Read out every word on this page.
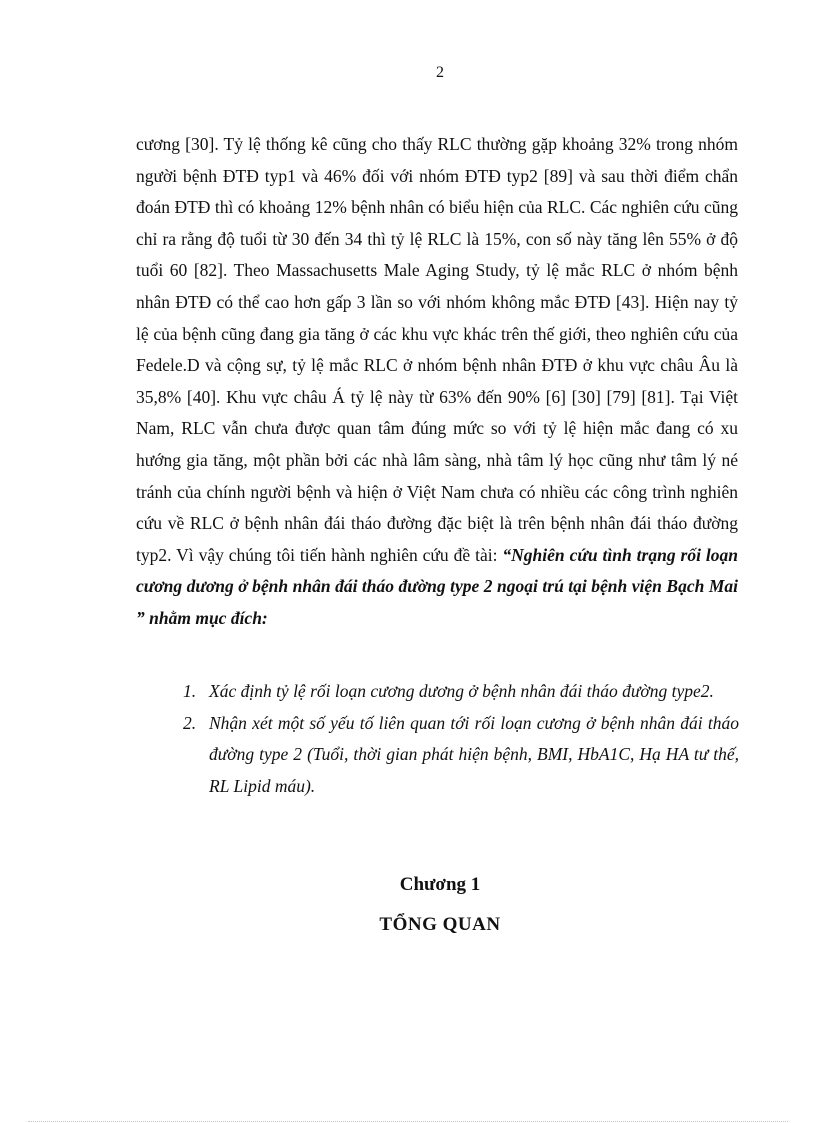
2

cương [30]. Tỷ lệ thống kê cũng cho thấy RLC thường gặp khoảng 32% trong nhóm người bệnh ĐTĐ typ1 và 46% đối với nhóm ĐTĐ typ2 [89] và sau thời điểm chẩn đoán ĐTĐ thì có khoảng 12% bệnh nhân có biểu hiện của RLC. Các nghiên cứu cũng chỉ ra rằng độ tuổi từ 30 đến 34 thì tỷ lệ RLC là 15%, con số này tăng lên 55% ở độ tuổi 60 [82]. Theo Massachusetts Male Aging Study, tỷ lệ mắc RLC ở nhóm bệnh nhân ĐTĐ có thể cao hơn gấp 3 lần so với nhóm không mắc ĐTĐ [43]. Hiện nay tỷ lệ của bệnh cũng đang gia tăng ở các khu vực khác trên thế giới, theo nghiên cứu của Fedele.D và cộng sự, tỷ lệ mắc RLC ở nhóm bệnh nhân ĐTĐ ở khu vực châu Âu là 35,8% [40]. Khu vực châu Á tỷ lệ này từ 63% đến 90% [6] [30] [79] [81]. Tại Việt Nam, RLC vẫn chưa được quan tâm đúng mức so với tỷ lệ hiện mắc đang có xu hướng gia tăng, một phần bởi các nhà lâm sàng, nhà tâm lý học cũng như tâm lý né tránh của chính người bệnh và hiện ở Việt Nam chưa có nhiều các công trình nghiên cứu về RLC ở bệnh nhân đái tháo đường đặc biệt là trên bệnh nhân đái tháo đường typ2. Vì vậy chúng tôi tiến hành nghiên cứu đề tài: “Nghiên cứu tình trạng rối loạn cương dương ở bệnh nhân đái tháo đường type 2 ngoại trú tại bệnh viện Bạch Mai ” nhằm mục đích:

1. Xác định tỷ lệ rối loạn cương dương ở bệnh nhân đái tháo đường type2.
2. Nhận xét một số yếu tố liên quan tới rối loạn cương ở bệnh nhân đái tháo đường type 2 (Tuổi, thời gian phát hiện bệnh, BMI, HbA1C, Hạ HA tư thế, RL Lipid máu).
Chương 1
TỔNG QUAN
